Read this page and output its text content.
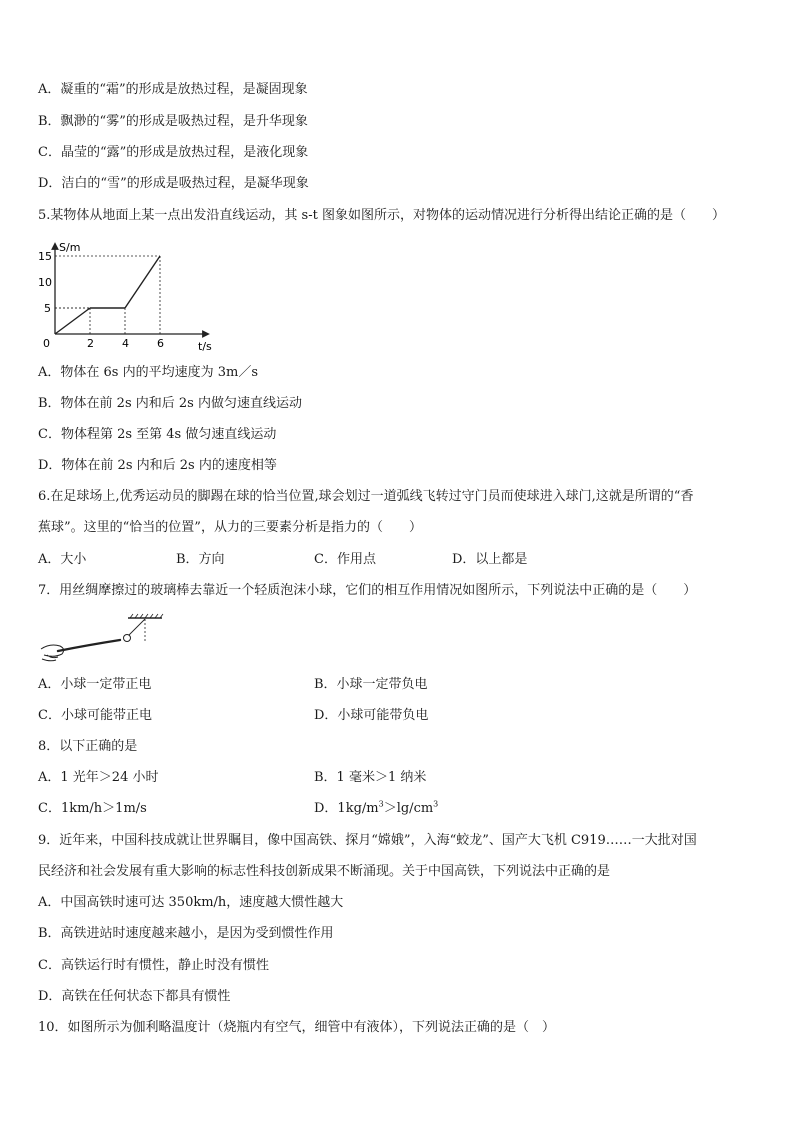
A．凝重的“霜”的形成是放热过程，是凝固现象
B．飘渺的“雾”的形成是吸热过程，是升华现象
C．晶莹的“露”的形成是放热过程，是液化现象
D．洁白的“雪”的形成是吸热过程，是凝华现象
5.某物体从地面上某一点出发沿直线运动，其 s-t 图象如图所示，对物体的运动情况进行分析得出结论正确的是（　　）
0	2	4	6
5
10
15
S/m
t/s
A．物体在 6s 内的平均速度为 3m／s
B．物体在前 2s 内和后 2s 内做匀速直线运动
C．物体程第 2s 至第 4s 做匀速直线运动
D．物体在前 2s 内和后 2s 内的速度相等
6.在足球场上,优秀运动员的脚踢在球的恰当位置,球会划过一道弧线飞转过守门员而使球进入球门,这就是所谓的“香
蕉球”。这里的“恰当的位置”，从力的三要素分析是指力的（　　）
A．大小	B．方向	C．作用点	D．以上都是
7．用丝绸摩擦过的玻璃棒去靠近一个轻质泡沫小球，它们的相互作用情况如图所示，下列说法中正确的是（　　）
A．小球一定带正电	B．小球一定带负电
C．小球可能带正电	D．小球可能带负电
8．以下正确的是
A．1 光年＞24 小时	B．1 毫米＞1 纳米
C．1km/h＞1m/s	D．$1kg/m^3>\lg/cm^3$
9．近年来，中国科技成就让世界瞩目，像中国高铁、探月“嫦娥”，入海“蛟龙”、国产大飞机 C919……一大批对国
民经济和社会发展有重大影响的标志性科技创新成果不断涌现。关于中国高铁，下列说法中正确的是
A．中国高铁时速可达 350km/h，速度越大惯性越大
B．高铁进站时速度越来越小，是因为受到惯性作用
C．高铁运行时有惯性，静止时没有惯性
D．高铁在任何状态下都具有惯性
10．如图所示为伽利略温度计（烧瓶内有空气，细管中有液体），下列说法正确的是（　）
